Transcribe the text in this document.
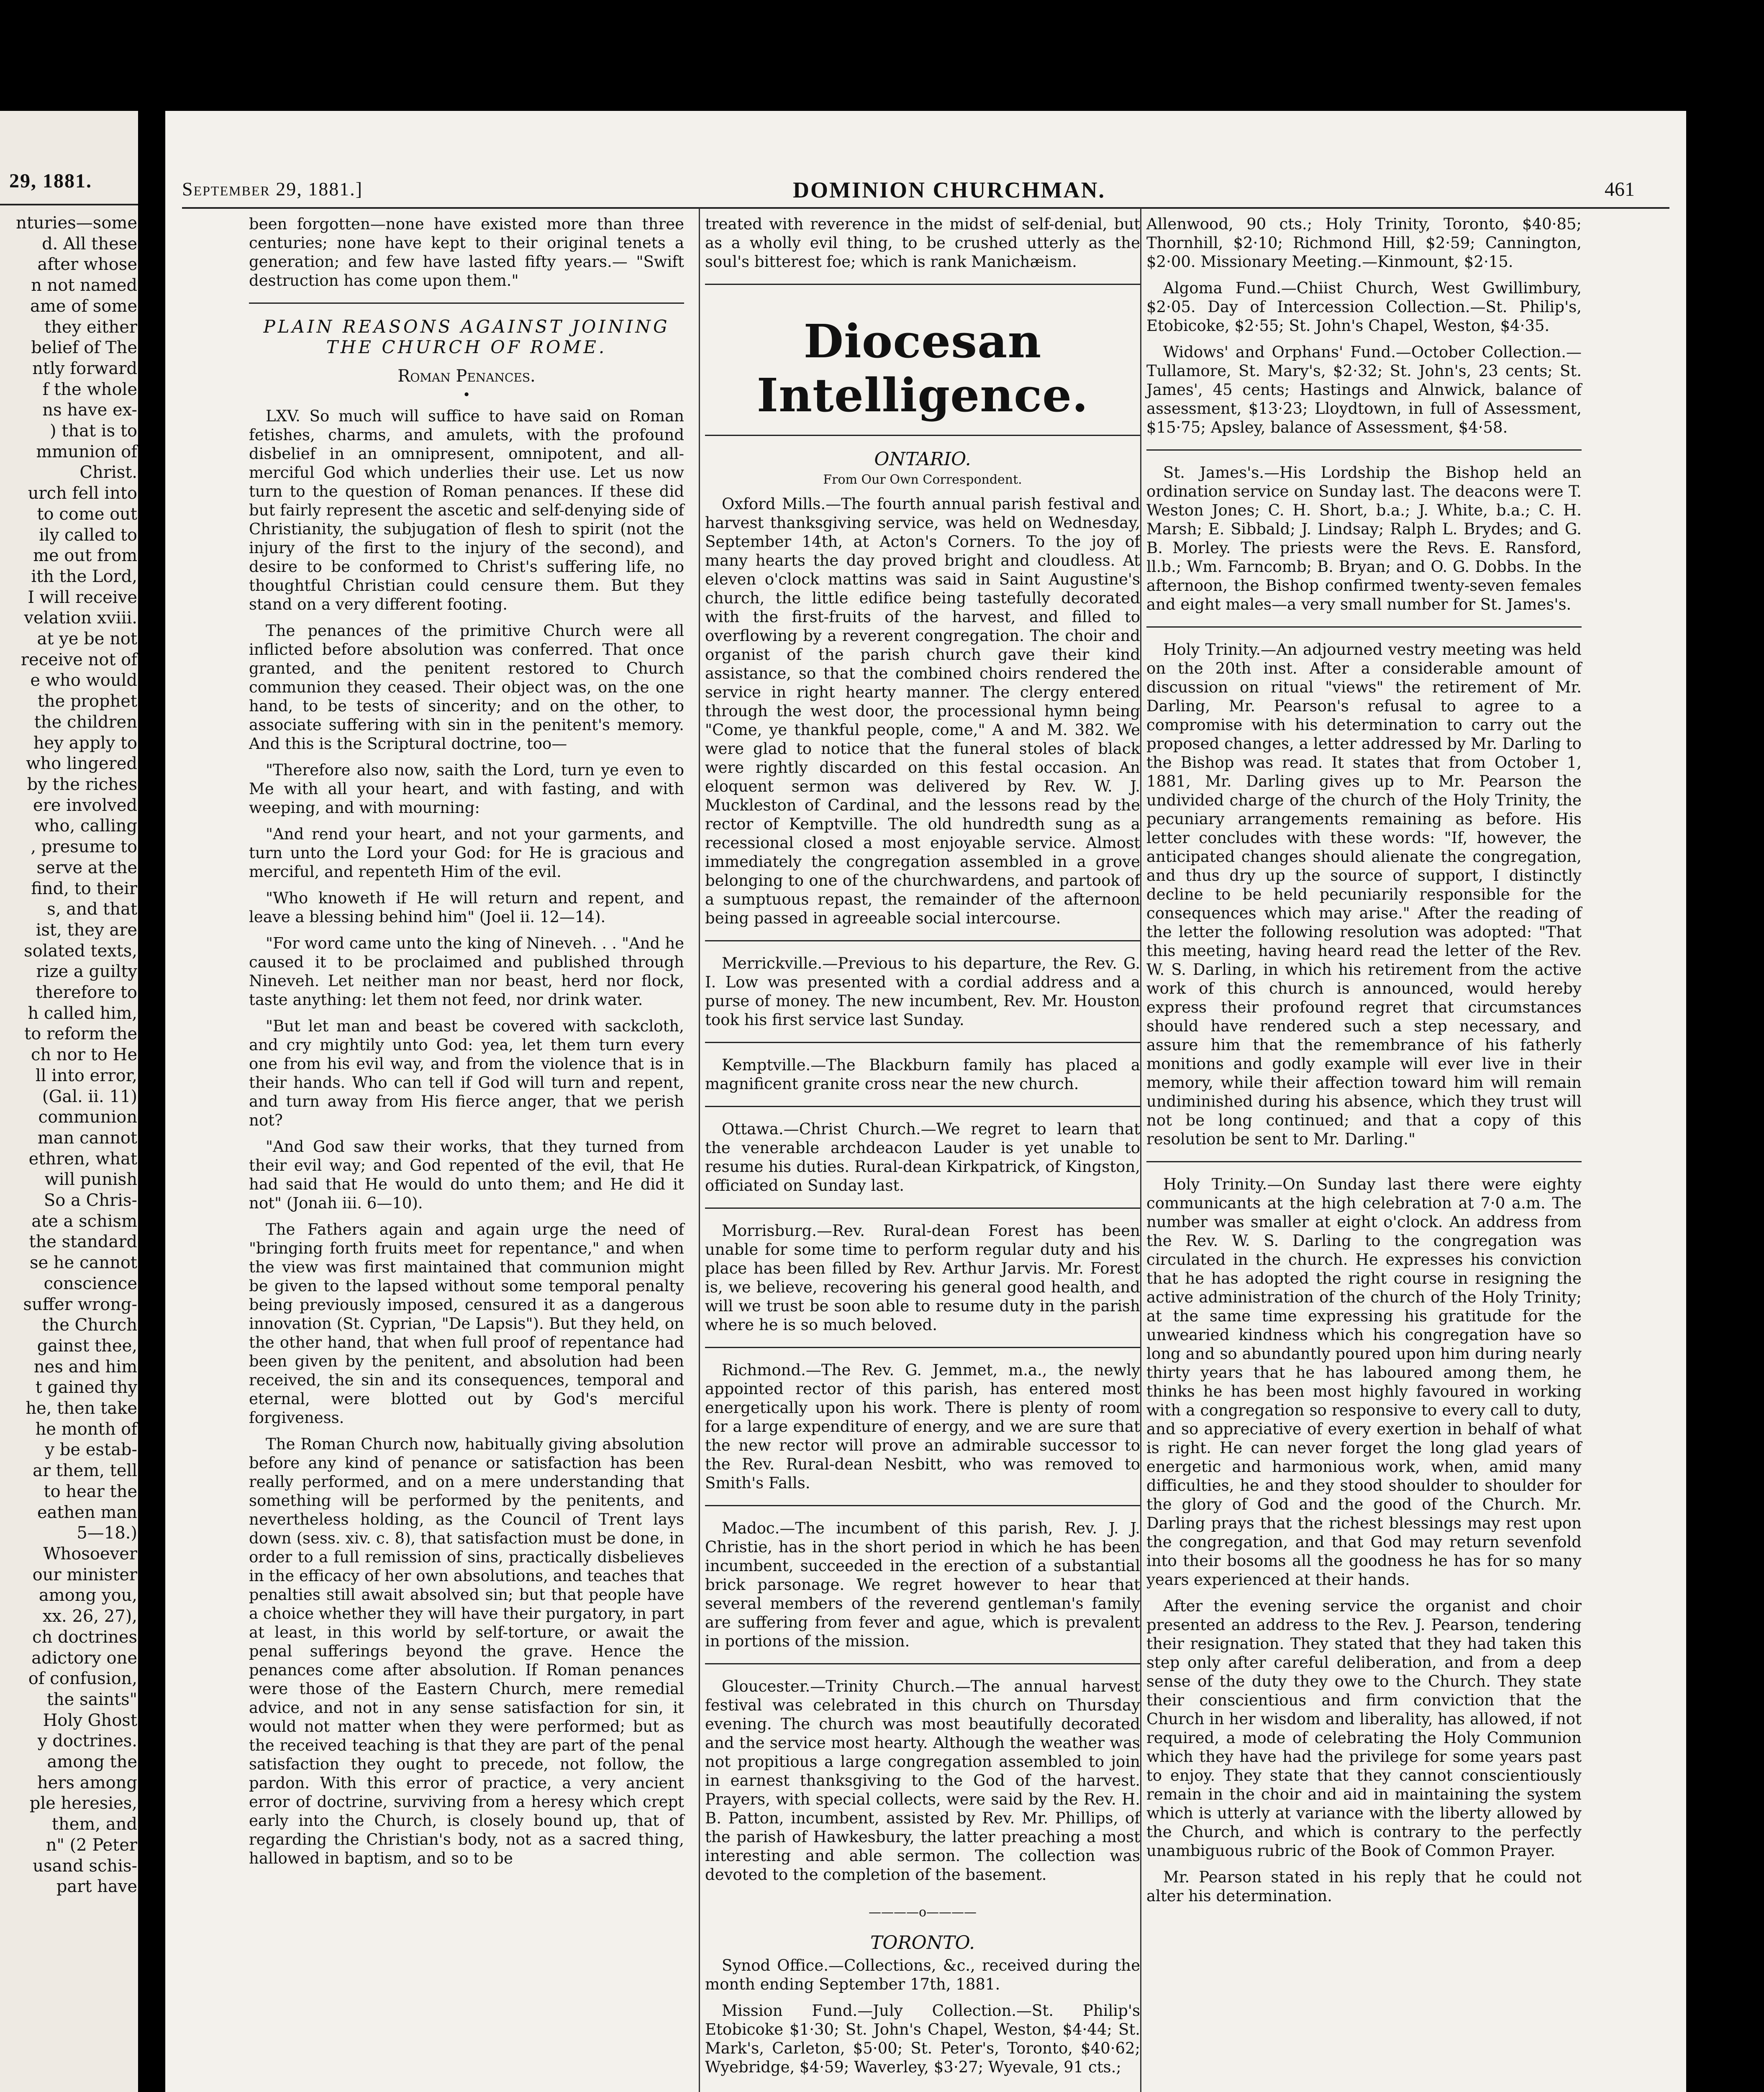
29, 1881.
nturies—some
d. All these
after whose
n not named
ame of some
they either
belief of The
ntly forward
f the whole
ns have ex-
) that is to
mmunion of
Christ.
urch fell into
to come out
ily called to
me out from
ith the Lord,
I will receive
velation xviii.
at ye be not
receive not of
e who would
the prophet
the children
hey apply to
who lingered
by the riches
ere involved
who, calling
, presume to
serve at the
find, to their
s, and that
ist, they are
solated texts,
rize a guilty
therefore to
h called him,
to reform the
ch nor to He
ll into error,
(Gal. ii. 11)
communion
man cannot
ethren, what
will punish
So a Chris-
ate a schism
the standard
se he cannot
conscience
suffer wrong-
the Church
gainst thee,
nes and him
t gained thy
he, then take
he month of
y be estab-
ar them, tell
to hear the
eathen man
5—18.)
Whosoever
our minister
among you,
xx. 26, 27),
ch doctrines
adictory one
of confusion,
the saints"
Holy Ghost
y doctrines.
among the
hers among
ple heresies,
them, and
n" (2 Peter
usand schis-
part have
September 29, 1881.]	DOMINION CHURCHMAN.	461

been forgotten—none have existed more than three centuries; none have kept to their original tenets a generation; and few have lasted fifty years.— "Swift destruction has come upon them."

PLAIN REASONS AGAINST JOINING THE CHURCH OF ROME.
Roman Penances.
•

LXV. So much will suffice to have said on Roman fetishes, charms, and amulets, with the profound disbelief in an omnipresent, omnipotent, and all-merciful God which underlies their use. Let us now turn to the question of Roman penances. If these did but fairly represent the ascetic and self-denying side of Christianity, the subjugation of flesh to spirit (not the injury of the first to the injury of the second), and desire to be conformed to Christ's suffering life, no thoughtful Christian could censure them. But they stand on a very different footing.

The penances of the primitive Church were all inflicted before absolution was conferred. That once granted, and the penitent restored to Church communion they ceased. Their object was, on the one hand, to be tests of sincerity; and on the other, to associate suffering with sin in the penitent's memory. And this is the Scriptural doctrine, too—

"Therefore also now, saith the Lord, turn ye even to Me with all your heart, and with fasting, and with weeping, and with mourning:

"And rend your heart, and not your garments, and turn unto the Lord your God: for He is gracious and merciful, and repenteth Him of the evil.

"Who knoweth if He will return and repent, and leave a blessing behind him" (Joel ii. 12—14).

"For word came unto the king of Nineveh. . . "And he caused it to be proclaimed and published through Nineveh. Let neither man nor beast, herd nor flock, taste anything: let them not feed, nor drink water.

"But let man and beast be covered with sackcloth, and cry mightily unto God: yea, let them turn every one from his evil way, and from the violence that is in their hands. Who can tell if God will turn and repent, and turn away from His fierce anger, that we perish not?

"And God saw their works, that they turned from their evil way; and God repented of the evil, that He had said that He would do unto them; and He did it not" (Jonah iii. 6—10).

The Fathers again and again urge the need of "bringing forth fruits meet for repentance," and when the view was first maintained that communion might be given to the lapsed without some temporal penalty being previously imposed, censured it as a dangerous innovation (St. Cyprian, "De Lapsis"). But they held, on the other hand, that when full proof of repentance had been given by the penitent, and absolution had been received, the sin and its consequences, temporal and eternal, were blotted out by God's merciful forgiveness.

The Roman Church now, habitually giving absolution before any kind of penance or satisfaction has been really performed, and on a mere understanding that something will be performed by the penitents, and nevertheless holding, as the Council of Trent lays down (sess. xiv. c. 8), that satisfaction must be done, in order to a full remission of sins, practically disbelieves in the efficacy of her own absolutions, and teaches that penalties still await absolved sin; but that people have a choice whether they will have their purgatory, in part at least, in this world by self-torture, or await the penal sufferings beyond the grave. Hence the penances come after absolution. If Roman penances were those of the Eastern Church, mere remedial advice, and not in any sense satisfaction for sin, it would not matter when they were performed; but as the received teaching is that they are part of the penal satisfaction they ought to precede, not follow, the pardon. With this error of practice, a very ancient error of doctrine, surviving from a heresy which crept early into the Church, is closely bound up, that of regarding the Christian's body, not as a sacred thing, hallowed in baptism, and so to be

treated with reverence in the midst of self-denial, but as a wholly evil thing, to be crushed utterly as the soul's bitterest foe; which is rank Manichæism.

Diocesan Intelligence.
ONTARIO.
From Our Own Correspondent.

Oxford Mills.—The fourth annual parish festival and harvest thanksgiving service, was held on Wednesday, September 14th, at Acton's Corners. To the joy of many hearts the day proved bright and cloudless. At eleven o'clock mattins was said in Saint Augustine's church, the little edifice being tastefully decorated with the first-fruits of the harvest, and filled to overflowing by a reverent congregation. The choir and organist of the parish church gave their kind assistance, so that the combined choirs rendered the service in right hearty manner. The clergy entered through the west door, the processional hymn being "Come, ye thankful people, come," A and M. 382. We were glad to notice that the funeral stoles of black were rightly discarded on this festal occasion. An eloquent sermon was delivered by Rev. W. J. Muckleston of Cardinal, and the lessons read by the rector of Kemptville. The old hundredth sung as a recessional closed a most enjoyable service. Almost immediately the congregation assembled in a grove belonging to one of the churchwardens, and partook of a sumptuous repast, the remainder of the afternoon being passed in agreeable social intercourse.

Merrickville.—Previous to his departure, the Rev. G. I. Low was presented with a cordial address and a purse of money. The new incumbent, Rev. Mr. Houston took his first service last Sunday.

Kemptville.—The Blackburn family has placed a magnificent granite cross near the new church.

Ottawa.—Christ Church.—We regret to learn that the venerable archdeacon Lauder is yet unable to resume his duties. Rural-dean Kirkpatrick, of Kingston, officiated on Sunday last.

Morrisburg.—Rev. Rural-dean Forest has been unable for some time to perform regular duty and his place has been filled by Rev. Arthur Jarvis. Mr. Forest is, we believe, recovering his general good health, and will we trust be soon able to resume duty in the parish where he is so much beloved.

Richmond.—The Rev. G. Jemmet, m.a., the newly appointed rector of this parish, has entered most energetically upon his work. There is plenty of room for a large expenditure of energy, and we are sure that the new rector will prove an admirable successor to the Rev. Rural-dean Nesbitt, who was removed to Smith's Falls.

Madoc.—The incumbent of this parish, Rev. J. J. Christie, has in the short period in which he has been incumbent, succeeded in the erection of a substantial brick parsonage. We regret however to hear that several members of the reverend gentleman's family are suffering from fever and ague, which is prevalent in portions of the mission.

Gloucester.—Trinity Church.—The annual harvest festival was celebrated in this church on Thursday evening. The church was most beautifully decorated and the service most hearty. Although the weather was not propitious a large congregation assembled to join in earnest thanksgiving to the God of the harvest. Prayers, with special collects, were said by the Rev. H. B. Patton, incumbent, assisted by Rev. Mr. Phillips, of the parish of Hawkesbury, the latter preaching a most interesting and able sermon. The collection was devoted to the completion of the basement.

————o————
TORONTO.

Synod Office.—Collections, &c., received during the month ending September 17th, 1881.

Mission Fund.—July Collection.—St. Philip's Etobicoke $1·30; St. John's Chapel, Weston, $4·44; St. Mark's, Carleton, $5·00; St. Peter's, Toronto, $40·62; Wyebridge, $4·59; Waverley, $3·27; Wyevale, 91 cts.;

Allenwood, 90 cts.; Holy Trinity, Toronto, $40·85; Thornhill, $2·10; Richmond Hill, $2·59; Cannington, $2·00. Missionary Meeting.—Kinmount, $2·15.

Algoma Fund.—Chiist Church, West Gwillimbury, $2·05. Day of Intercession Collection.—St. Philip's, Etobicoke, $2·55; St. John's Chapel, Weston, $4·35.

Widows' and Orphans' Fund.—October Collection.—Tullamore, St. Mary's, $2·32; St. John's, 23 cents; St. James', 45 cents; Hastings and Alnwick, balance of assessment, $13·23; Lloydtown, in full of Assessment, $15·75; Apsley, balance of Assessment, $4·58.

St. James's.—His Lordship the Bishop held an ordination service on Sunday last. The deacons were T. Weston Jones; C. H. Short, b.a.; J. White, b.a.; C. H. Marsh; E. Sibbald; J. Lindsay; Ralph L. Brydes; and G. B. Morley. The priests were the Revs. E. Ransford, ll.b.; Wm. Farncomb; B. Bryan; and O. G. Dobbs. In the afternoon, the Bishop confirmed twenty-seven females and eight males—a very small number for St. James's.

Holy Trinity.—An adjourned vestry meeting was held on the 20th inst. After a considerable amount of discussion on ritual "views" the retirement of Mr. Darling, Mr. Pearson's refusal to agree to a compromise with his determination to carry out the proposed changes, a letter addressed by Mr. Darling to the Bishop was read. It states that from October 1, 1881, Mr. Darling gives up to Mr. Pearson the undivided charge of the church of the Holy Trinity, the pecuniary arrangements remaining as before. His letter concludes with these words: "If, however, the anticipated changes should alienate the congregation, and thus dry up the source of support, I distinctly decline to be held pecuniarily responsible for the consequences which may arise." After the reading of the letter the following resolution was adopted: "That this meeting, having heard read the letter of the Rev. W. S. Darling, in which his retirement from the active work of this church is announced, would hereby express their profound regret that circumstances should have rendered such a step necessary, and assure him that the remembrance of his fatherly monitions and godly example will ever live in their memory, while their affection toward him will remain undiminished during his absence, which they trust will not be long continued; and that a copy of this resolution be sent to Mr. Darling."

Holy Trinity.—On Sunday last there were eighty communicants at the high celebration at 7·0 a.m. The number was smaller at eight o'clock. An address from the Rev. W. S. Darling to the congregation was circulated in the church. He expresses his conviction that he has adopted the right course in resigning the active administration of the church of the Holy Trinity; at the same time expressing his gratitude for the unwearied kindness which his congregation have so long and so abundantly poured upon him during nearly thirty years that he has laboured among them, he thinks he has been most highly favoured in working with a congregation so responsive to every call to duty, and so appreciative of every exertion in behalf of what is right. He can never forget the long glad years of energetic and harmonious work, when, amid many difficulties, he and they stood shoulder to shoulder for the glory of God and the good of the Church. Mr. Darling prays that the richest blessings may rest upon the congregation, and that God may return sevenfold into their bosoms all the goodness he has for so many years experienced at their hands.

After the evening service the organist and choir presented an address to the Rev. J. Pearson, tendering their resignation. They stated that they had taken this step only after careful deliberation, and from a deep sense of the duty they owe to the Church. They state their conscientious and firm conviction that the Church in her wisdom and liberality, has allowed, if not required, a mode of celebrating the Holy Communion which they have had the privilege for some years past to enjoy. They state that they cannot conscientiously remain in the choir and aid in maintaining the system which is utterly at variance with the liberty allowed by the Church, and which is contrary to the perfectly unambiguous rubric of the Book of Common Prayer.

Mr. Pearson stated in his reply that he could not alter his determination.
